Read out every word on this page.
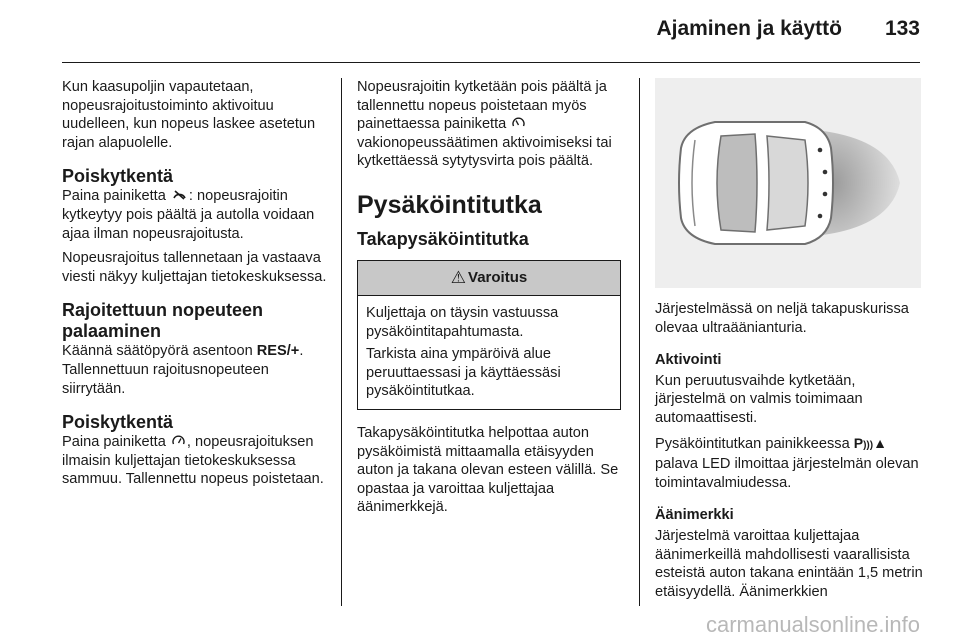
Ajaminen ja käyttö 133

Kun kaasupoljin vapautetaan, nopeusrajoitustoiminto aktivoituu uudelleen, kun nopeus laskee asetetun rajan alapuolelle.

Poiskytkentä

Paina painiketta : nopeusrajoitin kytkeytyy pois päältä ja autolla voidaan ajaa ilman nopeusrajoitusta.

Nopeusrajoitus tallennetaan ja vastaava viesti näkyy kuljettajan tietokeskuksessa.

Rajoitettuun nopeuteen palaaminen

Käännä säätöpyörä asentoon RES/+. Tallennettuun rajoitusnopeuteen siirrytään.

Poiskytkentä

Paina painiketta , nopeusrajoituksen ilmaisin kuljettajan tietokeskuksessa sammuu. Tallennettu nopeus poistetaan.

Nopeusrajoitin kytketään pois päältä ja tallennettu nopeus poistetaan myös painettaessa painiketta  vakionopeussäätimen aktivoimiseksi tai kytkettäessä sytytysvirta pois päältä.

Pysäköintitutka
Takapysäköintitutka
⚠ Varoitus

Kuljettaja on täysin vastuussa pysäköintitapahtumasta.

Tarkista aina ympäröivä alue peruuttaessasi ja käyttäessäsi pysäköintitutkaa.

Takapysäköintitutka helpottaa auton pysäköimistä mittaamalla etäisyyden auton ja takana olevan esteen välillä. Se opastaa ja varoittaa kuljettajaa äänimerkkejä.

Järjestelmässä on neljä takapuskurissa olevaa ultraäänianturia.

Aktivointi

Kun peruutusvaihde kytketään, järjestelmä on valmis toimimaan automaattisesti.

Pysäköintitutkan painikkeessa P)))▲ palava LED ilmoittaa järjestelmän olevan toimintavalmiudessa.

Äänimerkki

Järjestelmä varoittaa kuljettajaa äänimerkeillä mahdollisesti vaarallisista esteistä auton takana enintään 1,5 metrin etäisyydellä. Äänimerkkien

carmanualsonline.info
